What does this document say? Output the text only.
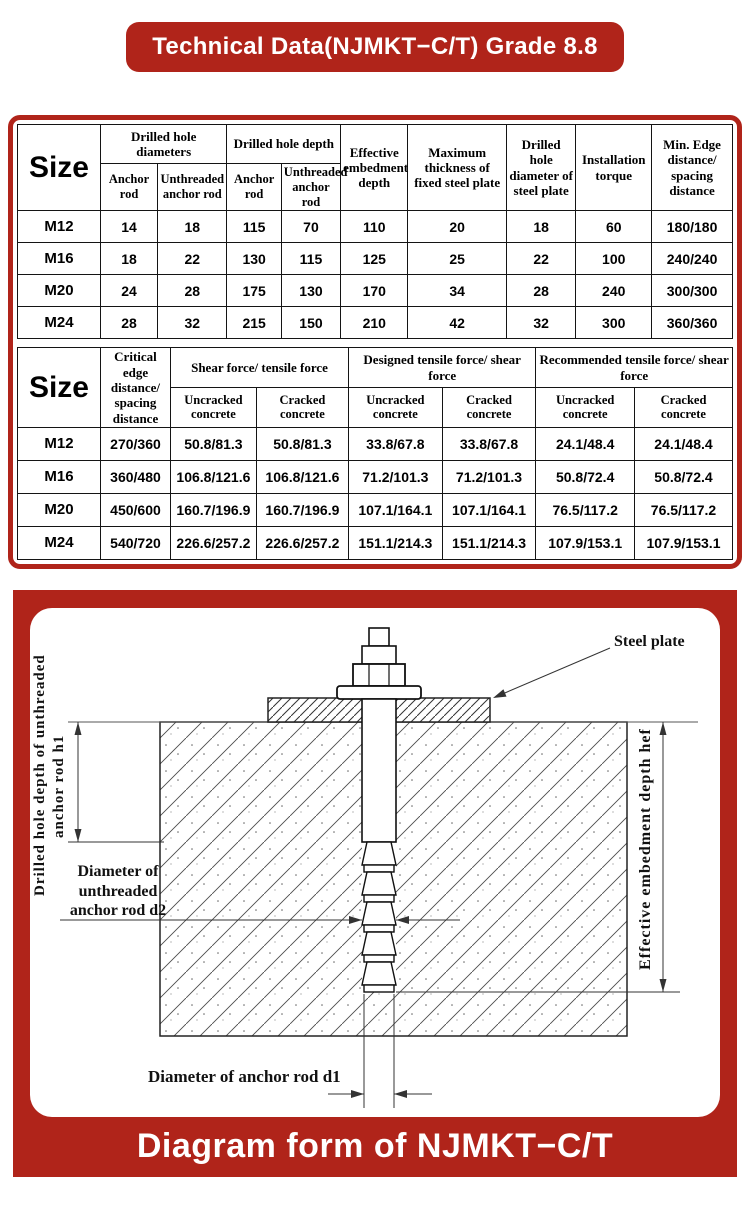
Technical Data(NJMKT−C/T) Grade 8.8
Size	Drilled hole diameters		Drilled hole depth		Effective embedment depth	Maximum thickness of fixed steel plate	Drilled hole diameter of steel plate	Installation torque	Min. Edge distance/ spacing distance
	Anchor rod	Unthreaded anchor rod	Anchor rod	Unthreaded anchor rod					
M12	14	18	115	70	110	20	18	60	180/180
M16	18	22	130	115	125	25	22	100	240/240
M20	24	28	175	130	170	34	28	240	300/300
M24	28	32	215	150	210	42	32	300	360/360
Size	Critical edge distance/ spacing distance	Shear force/ tensile force		Designed tensile force/ shear force		Recommended tensile force/ shear force	
		Uncracked concrete	Cracked concrete	Uncracked concrete	Cracked concrete	Uncracked concrete	Cracked concrete
M12	270/360	50.8/81.3	50.8/81.3	33.8/67.8	33.8/67.8	24.1/48.4	24.1/48.4
M16	360/480	106.8/121.6	106.8/121.6	71.2/101.3	71.2/101.3	50.8/72.4	50.8/72.4
M20	450/600	160.7/196.9	160.7/196.9	107.1/164.1	107.1/164.1	76.5/117.2	76.5/117.2
M24	540/720	226.6/257.2	226.6/257.2	151.1/214.3	151.1/214.3	107.9/153.1	107.9/153.1
Steel plate
Drilled hole depth of unthreaded anchor rod h1
Diameter of
unthreaded
anchor rod d2	Effective embedment depth hef
Diameter of anchor rod d1
Diagram form of NJMKT−C/T
